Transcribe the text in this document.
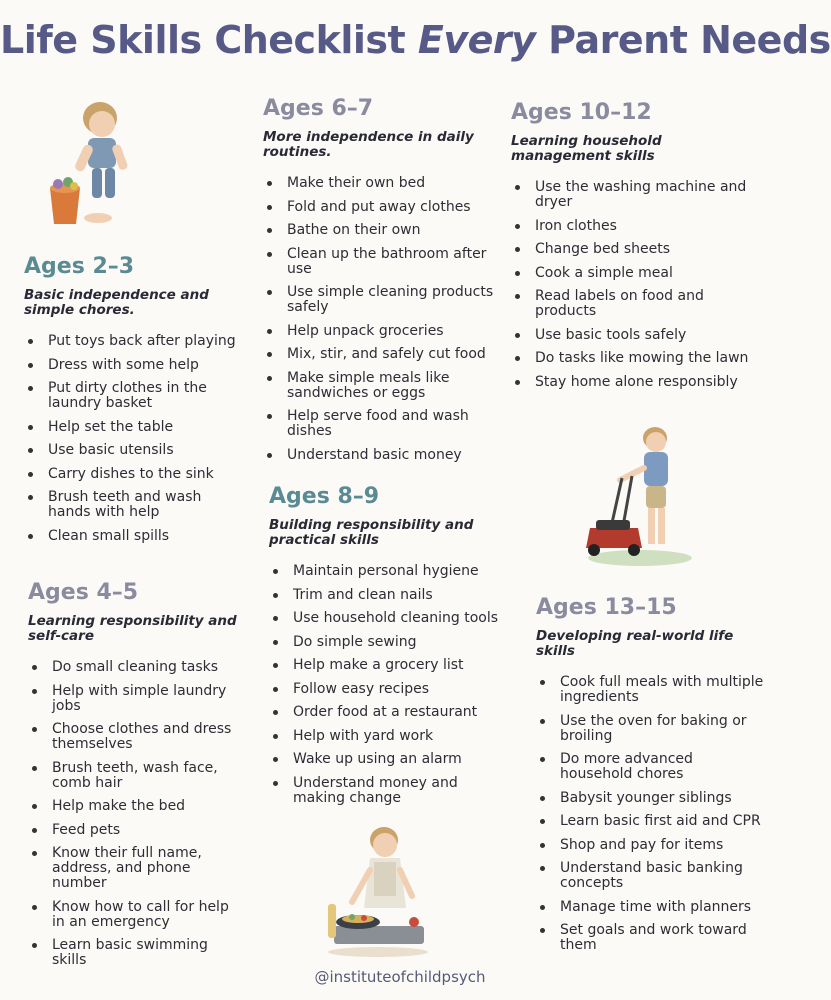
Life Skills Checklist Every Parent Needs
Ages 2–3
Basic independence and simple chores.
Put toys back after playing
Dress with some help
Put dirty clothes in the laundry basket
Help set the table
Use basic utensils
Carry dishes to the sink
Brush teeth and wash hands with help
Clean small spills
Ages 4–5
Learning responsibility and self-care
Do small cleaning tasks
Help with simple laundry jobs
Choose clothes and dress themselves
Brush teeth, wash face, comb hair
Help make the bed
Feed pets
Know their full name, address, and phone number
Know how to call for help in an emergency
Learn basic swimming skills
Ages 6–7
More independence in daily routines.
Make their own bed
Fold and put away clothes
Bathe on their own
Clean up the bathroom after use
Use simple cleaning products safely
Help unpack groceries
Mix, stir, and safely cut food
Make simple meals like sandwiches or eggs
Help serve food and wash dishes
Understand basic money
Ages 8–9
Building responsibility and practical skills
Maintain personal hygiene
Trim and clean nails
Use household cleaning tools
Do simple sewing
Help make a grocery list
Follow easy recipes
Order food at a restaurant
Help with yard work
Wake up using an alarm
Understand money and making change
Ages 10–12
Learning household management skills
Use the washing machine and dryer
Iron clothes
Change bed sheets
Cook a simple meal
Read labels on food and products
Use basic tools safely
Do tasks like mowing the lawn
Stay home alone responsibly
Ages 13–15
Developing real-world life skills
Cook full meals with multiple ingredients
Use the oven for baking or broiling
Do more advanced household chores
Babysit younger siblings
Learn basic first aid and CPR
Shop and pay for items
Understand basic banking concepts
Manage time with planners
Set goals and work toward them
@instituteofchildpsych
